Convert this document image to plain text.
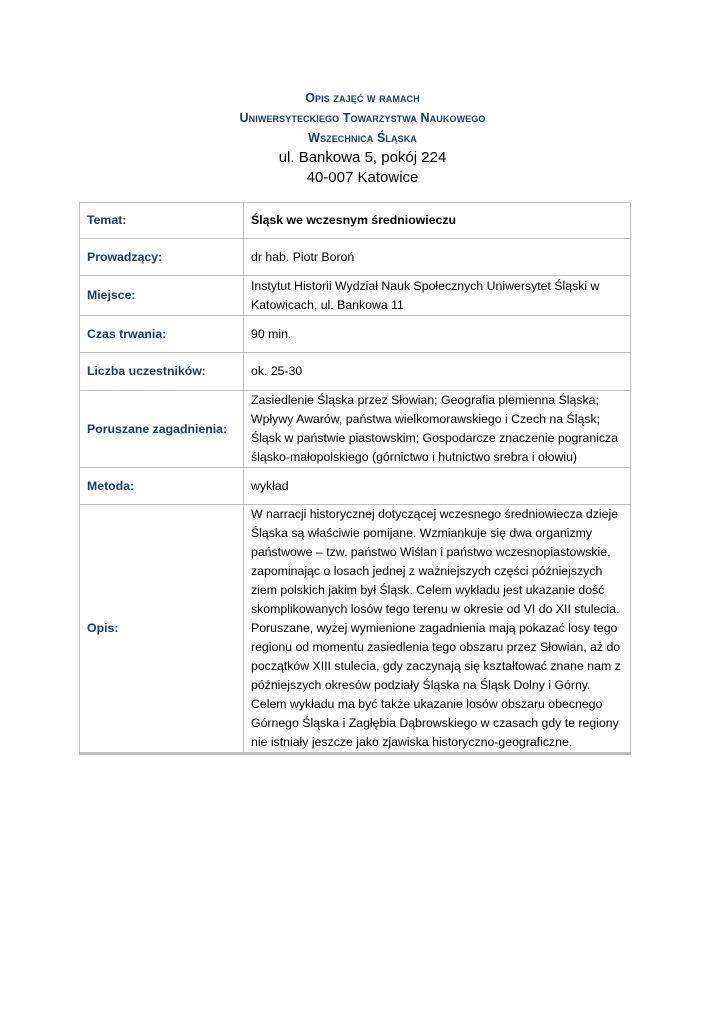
Opis zajęć w ramach
Uniwersyteckiego Towarzystwa Naukowego
Wszechnica Śląska
ul. Bankowa 5, pokój 224
40-007 Katowice
Temat:	Śląsk we wczesnym średniowieczu
Prowadzący:	dr hab. Piotr Boroń
Miejsce:	Instytut Historii Wydział Nauk Społecznych Uniwersytet Śląski w Katowicach, ul. Bankowa 11
Czas trwania:	90 min.
Liczba uczestników:	ok. 25-30
Poruszane zagadnienia:	Zasiedlenie Śląska przez Słowian; Geografia plemienna Śląska; Wpływy Awarów, państwa wielkomorawskiego i Czech na Śląsk; Śląsk w państwie piastowskim; Gospodarcze znaczenie pogranicza śląsko-małopolskiego (górnictwo i hutnictwo srebra i ołowiu)
Metoda:	wykład
Opis:	W narracji historycznej dotyczącej wczesnego średniowiecza dzieje Śląska są właściwie pomijane. Wzmiankuje się dwa organizmy państwowe – tzw. państwo Wiślan i państwo wczesnopiastowskie, zapominając o losach jednej z ważniejszych części późniejszych ziem polskich jakim był Śląsk. Celem wykładu jest ukazanie dość skomplikowanych losów tego terenu w okresie od VI do XII stulecia. Poruszane, wyżej wymienione zagadnienia mają pokazać losy tego regionu od momentu zasiedlenia tego obszaru przez Słowian, aż do początków XIII stulecia, gdy zaczynają się kształtować znane nam z późniejszych okresów podziały Śląska na Śląsk Dolny i Górny. Celem wykładu ma być także ukazanie losów obszaru obecnego Górnego Śląska i Zagłębia Dąbrowskiego w czasach gdy te regiony nie istniały jeszcze jako zjawiska historyczno-geograficzne.
